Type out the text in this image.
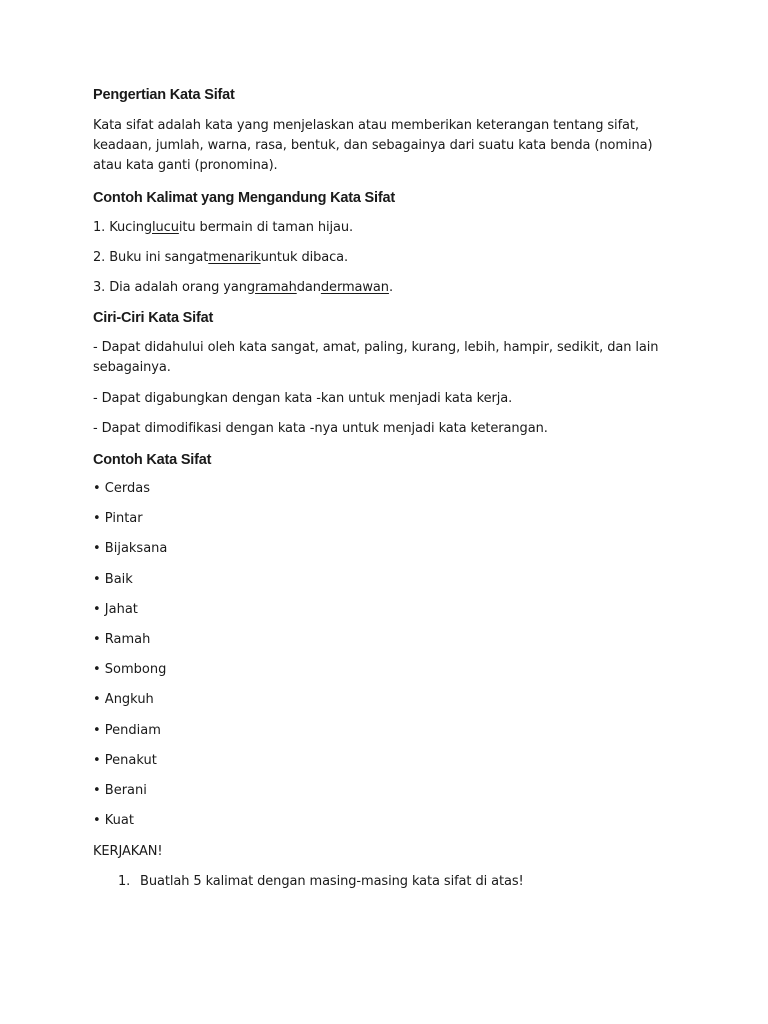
Pengertian Kata Sifat

Kata sifat adalah kata yang menjelaskan atau memberikan keterangan tentang sifat, keadaan, jumlah, warna, rasa, bentuk, dan sebagainya dari suatu kata benda (nomina) atau kata ganti (pronomina).

Contoh Kalimat yang Mengandung Kata Sifat

1. Kucinglucuitu bermain di taman hijau.

2. Buku ini sangatmenarikuntuk dibaca.

3. Dia adalah orang yangramahdandermawan.

Ciri-Ciri Kata Sifat

- Dapat didahului oleh kata sangat, amat, paling, kurang, lebih, hampir, sedikit, dan lain sebagainya.

- Dapat digabungkan dengan kata -kan untuk menjadi kata kerja.

- Dapat dimodifikasi dengan kata -nya untuk menjadi kata keterangan.

Contoh Kata Sifat
• Cerdas
• Pintar
• Bijaksana
• Baik
• Jahat
• Ramah
• Sombong
• Angkuh
• Pendiam
• Penakut
• Berani
• Kuat

KERJAKAN!

1. Buatlah 5 kalimat dengan masing-masing kata sifat di atas!
